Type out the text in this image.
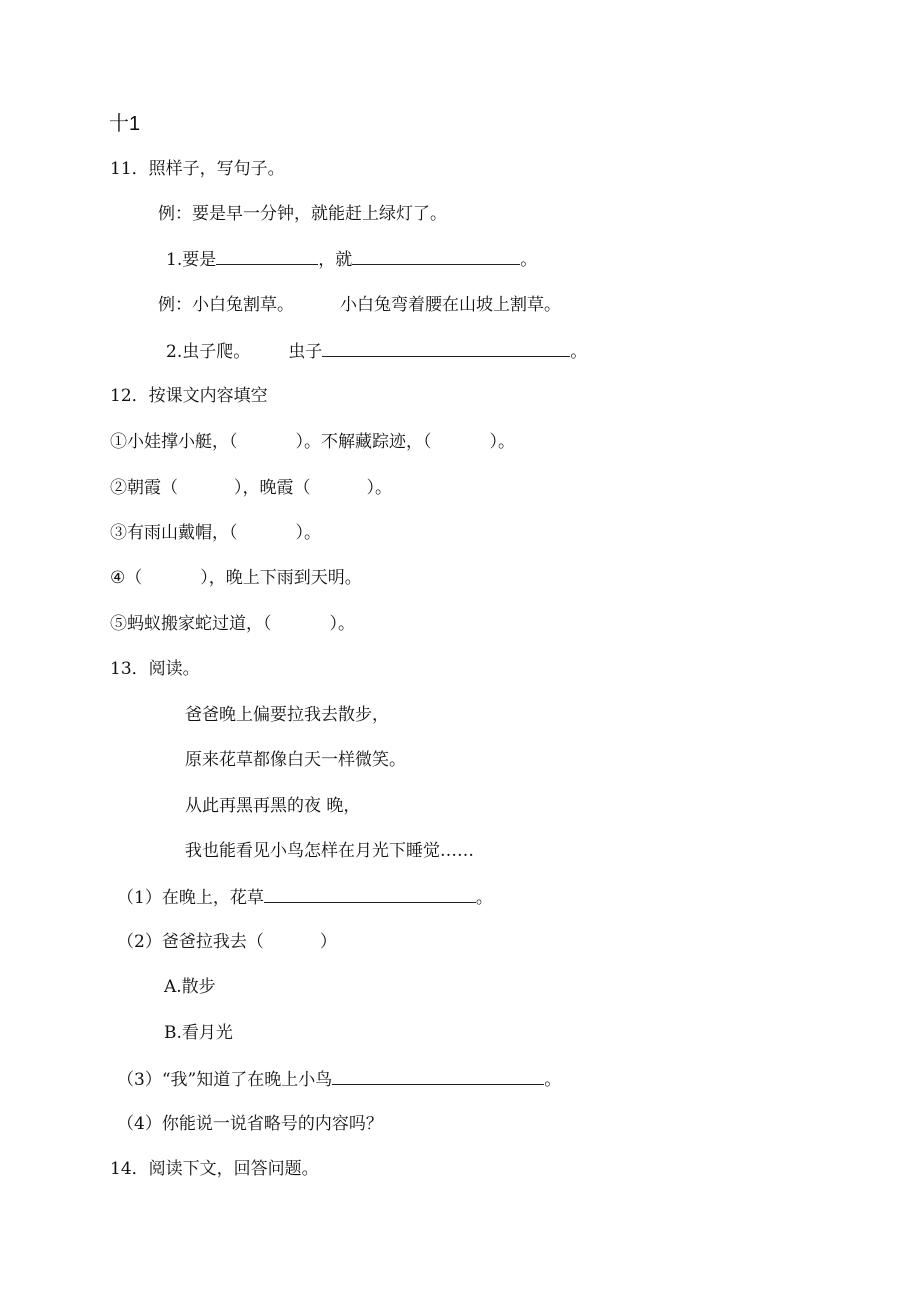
十1
11．照样子，写句子。
例：要是早一分钟，就能赶上绿灯了。
1.要是	，就	。
例：小白兔割草。	小白兔弯着腰在山坡上割草。
2.虫子爬。 虫子	。
12．按课文内容填空
①小娃撑小艇，（	）。不解藏踪迹，（	）。
②朝霞（	），晚霞（	）。
③有雨山戴帽，（	）。
④（	），晚上下雨到天明。
⑤蚂蚁搬家蛇过道，（	）。
13．阅读。
爸爸晚上偏要拉我去散步，
原来花草都像白天一样微笑。
从此再黑再黑的夜 晚，
我也能看见小鸟怎样在月光下睡觉……
（1）在晚上，花草	。
（2）爸爸拉我去（	）
A.散步
B.看月光
（3）“我”知道了在晚上小鸟	。
（4）你能说一说省略号的内容吗？
14．阅读下文，回答问题。
